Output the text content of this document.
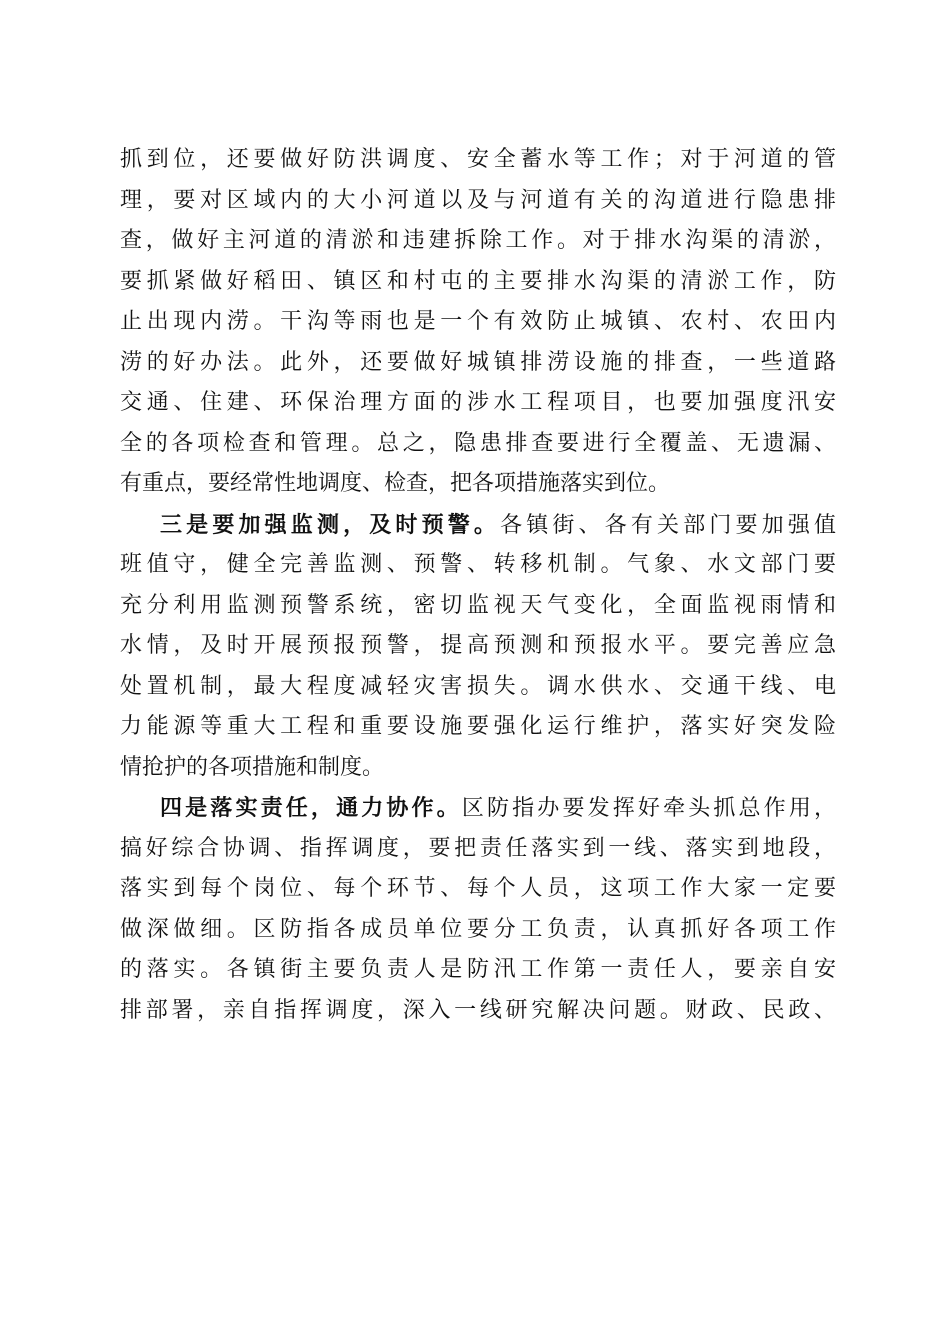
抓到位，还要做好防洪调度、安全蓄水等工作；对于河道的管
理，要对区域内的大小河道以及与河道有关的沟道进行隐患排
查，做好主河道的清淤和违建拆除工作。对于排水沟渠的清淤，
要抓紧做好稻田、镇区和村屯的主要排水沟渠的清淤工作，防
止出现内涝。干沟等雨也是一个有效防止城镇、农村、农田内
涝的好办法。此外，还要做好城镇排涝设施的排查，一些道路
交通、住建、环保治理方面的涉水工程项目，也要加强度汛安
全的各项检查和管理。总之，隐患排查要进行全覆盖、无遗漏、
有重点，要经常性地调度、检查，把各项措施落实到位。
三是要加强监测，及时预警。各镇街、各有关部门要加强值
班值守，健全完善监测、预警、转移机制。气象、水文部门要
充分利用监测预警系统，密切监视天气变化，全面监视雨情和
水情，及时开展预报预警，提高预测和预报水平。要完善应急
处置机制，最大程度减轻灾害损失。调水供水、交通干线、电
力能源等重大工程和重要设施要强化运行维护，落实好突发险
情抢护的各项措施和制度。
四是落实责任，通力协作。区防指办要发挥好牵头抓总作用，
搞好综合协调、指挥调度，要把责任落实到一线、落实到地段，
落实到每个岗位、每个环节、每个人员，这项工作大家一定要
做深做细。区防指各成员单位要分工负责，认真抓好各项工作
的落实。各镇街主要负责人是防汛工作第一责任人，要亲自安
排部署，亲自指挥调度，深入一线研究解决问题。财政、民政、
